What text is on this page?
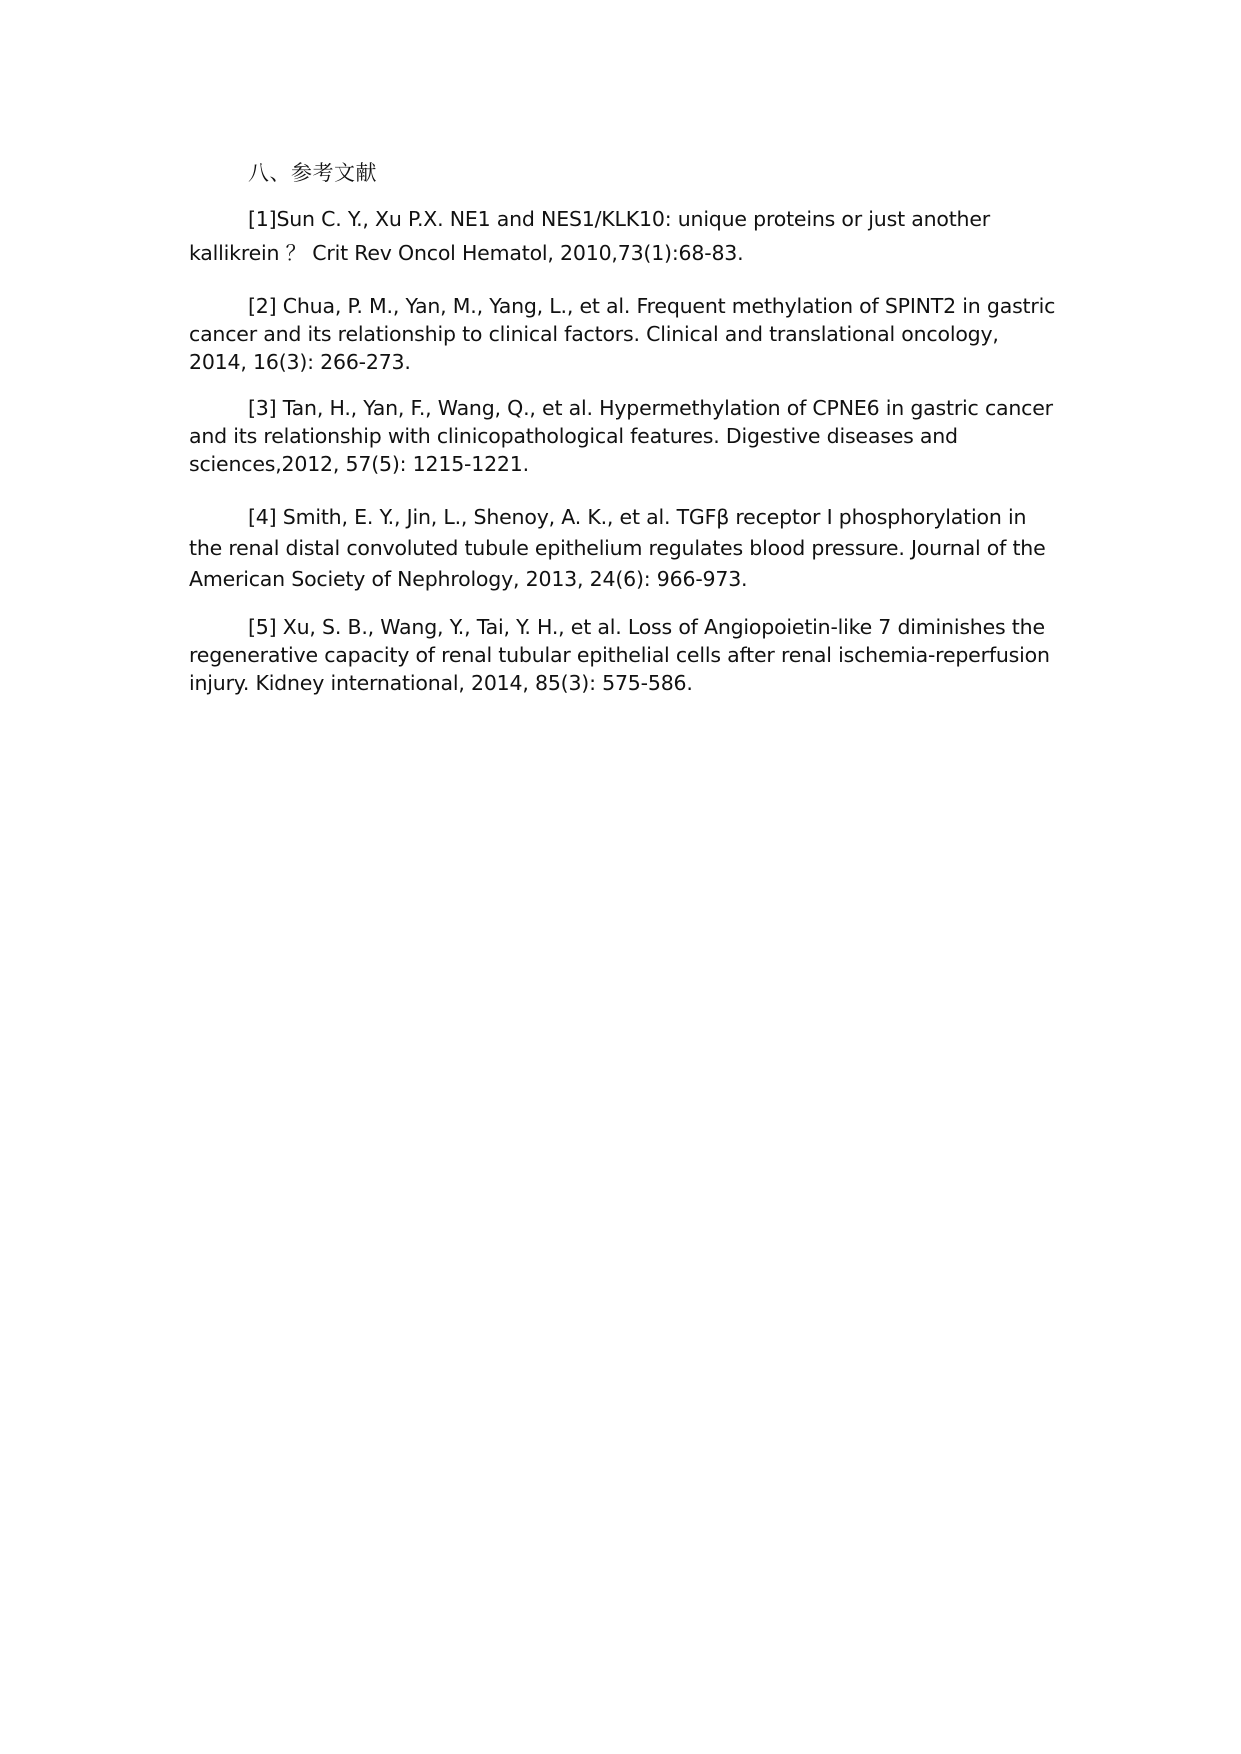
八、参考文献

[1]Sun C. Y., Xu P.X. NE1 and NES1/KLK10: unique proteins or just another kallikrein ？ Crit Rev Oncol Hematol, 2010,73(1):68-83.

[2] Chua, P. M., Yan, M., Yang, L., et al. Frequent methylation of SPINT2 in gastric cancer and its relationship to clinical factors. Clinical and translational oncology, 2014, 16(3): 266-273.

[3] Tan, H., Yan, F., Wang, Q., et al. Hypermethylation of CPNE6 in gastric cancer and its relationship with clinicopathological features. Digestive diseases and sciences,2012, 57(5): 1215-1221.

[4] Smith, E. Y., Jin, L., Shenoy, A. K., et al. TGFβ receptor I phosphorylation in the renal distal convoluted tubule epithelium regulates blood pressure. Journal of the American Society of Nephrology, 2013, 24(6): 966-973.

[5] Xu, S. B., Wang, Y., Tai, Y. H., et al. Loss of Angiopoietin-like 7 diminishes the regenerative capacity of renal tubular epithelial cells after renal ischemia-reperfusion injury. Kidney international, 2014, 85(3): 575-586.
